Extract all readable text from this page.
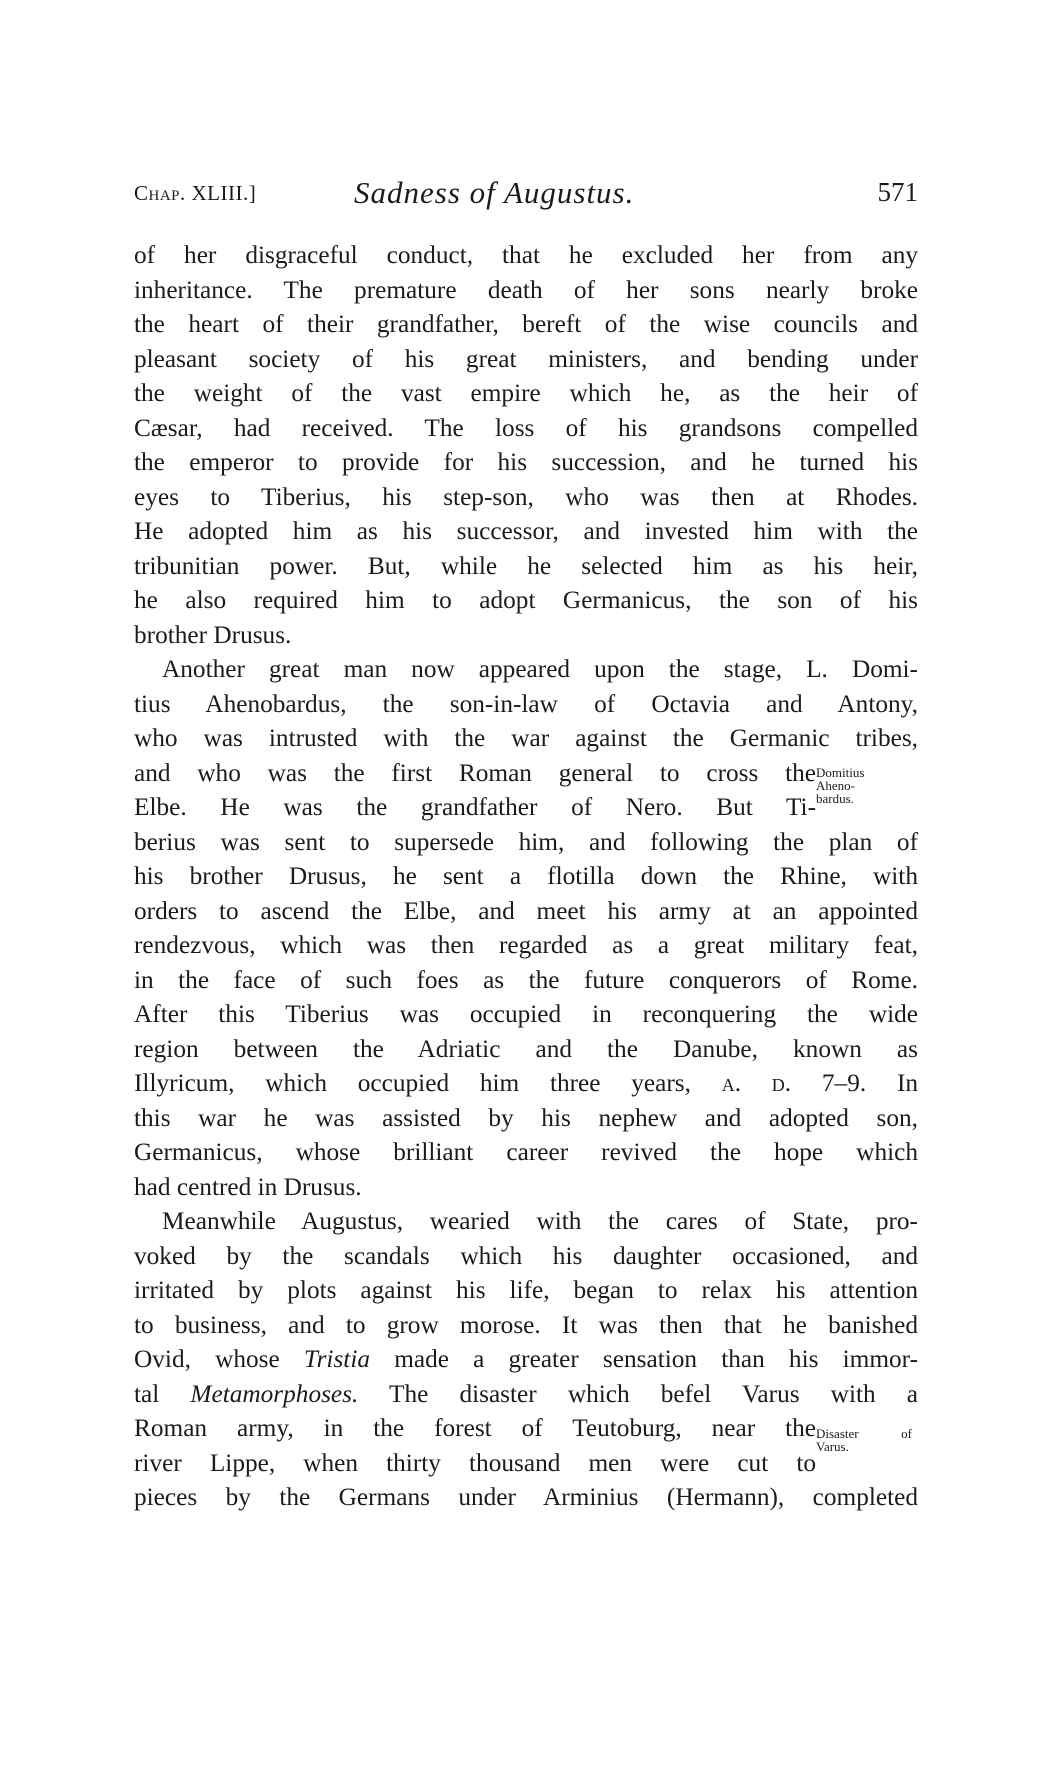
Chap. XLIII.]	Sadness of Augustus.	571
of her disgraceful conduct, that he excluded her from any
inheritance. The premature death of her sons nearly broke
the heart of their grandfather, bereft of the wise councils and
pleasant society of his great ministers, and bending under
the weight of the vast empire which he, as the heir of
Cæsar, had received. The loss of his grandsons compelled
the emperor to provide for his succession, and he turned his
eyes to Tiberius, his step-son, who was then at Rhodes.
He adopted him as his successor, and invested him with the
tribunitian power. But, while he selected him as his heir,
he also required him to adopt Germanicus, the son of his
brother Drusus.
Another great man now appeared upon the stage, L. Domi-
tius Ahenobardus, the son-in-law of Octavia and Antony,
who was intrusted with the war against the Germanic tribes,
and who was the first Roman general to cross the Domitius
Aheno-
bardus.
Elbe. He was the grandfather of Nero. But Ti-
berius was sent to supersede him, and following the plan of
his brother Drusus, he sent a flotilla down the Rhine, with
orders to ascend the Elbe, and meet his army at an appointed
rendezvous, which was then regarded as a great military feat,
in the face of such foes as the future conquerors of Rome.
After this Tiberius was occupied in reconquering the wide
region between the Adriatic and the Danube, known as
Illyricum, which occupied him three years, a. d. 7–9. In
this war he was assisted by his nephew and adopted son,
Germanicus, whose brilliant career revived the hope which
had centred in Drusus.
Meanwhile Augustus, wearied with the cares of State, pro-
voked by the scandals which his daughter occasioned, and
irritated by plots against his life, began to relax his attention
to business, and to grow morose. It was then that he banished
Ovid, whose Tristia made a greater sensation than his immor-
tal Metamorphoses. The disaster which befel Varus with a
Roman army, in the forest of Teutoburg, near the Disaster of
Varus.
river Lippe, when thirty thousand men were cut to
pieces by the Germans under Arminius (Hermann), completed
